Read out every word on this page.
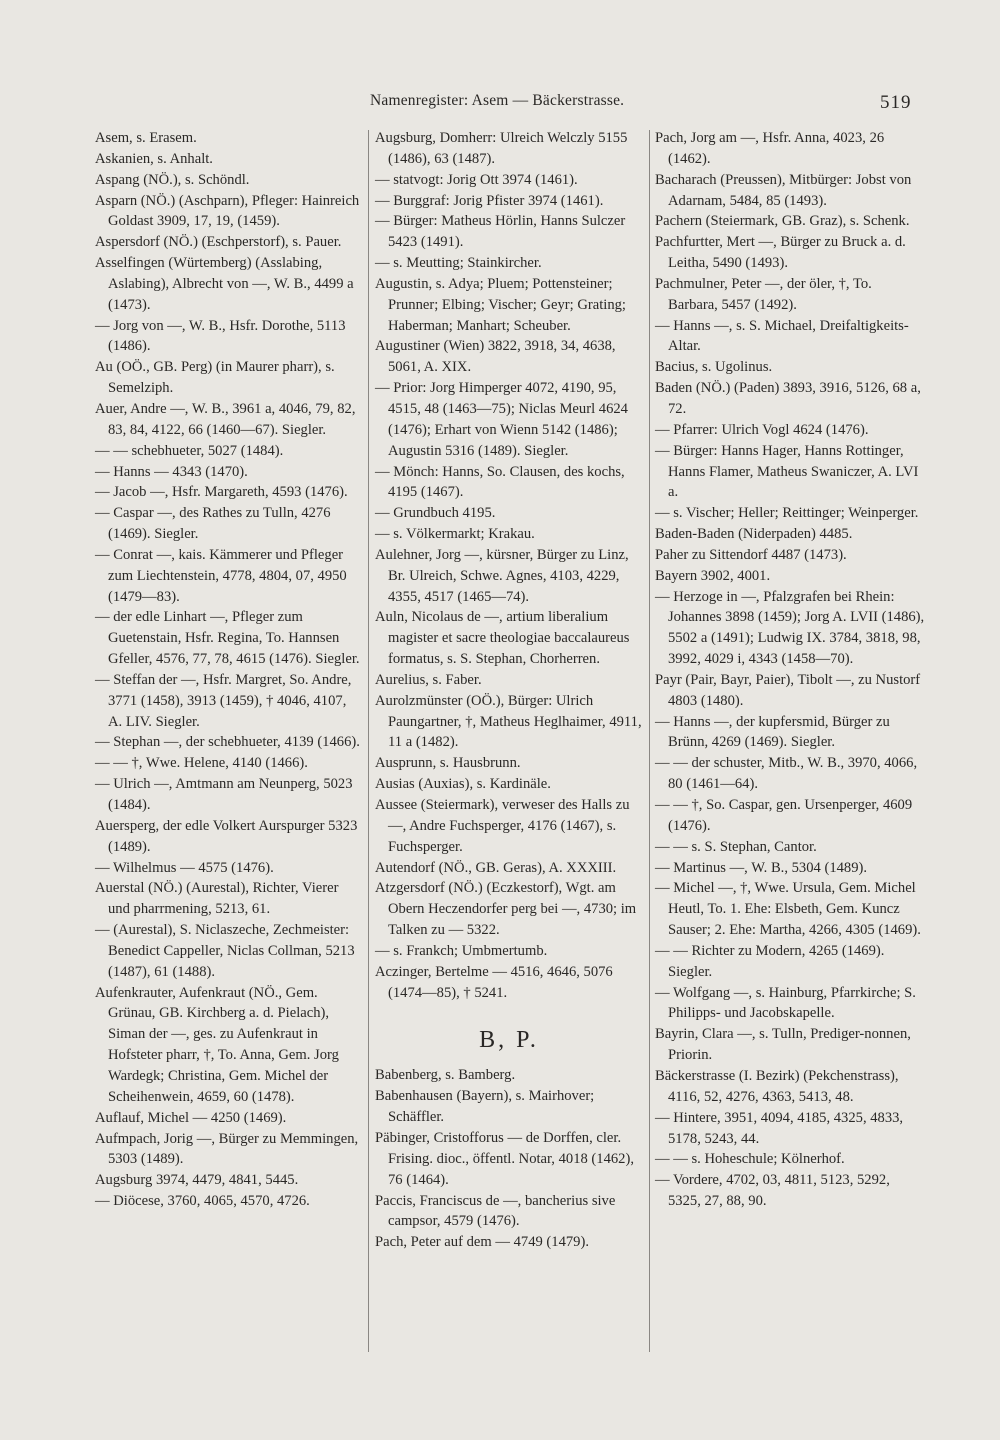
Namenregister: Asem — Bäckerstrasse.	519

Asem, s. Erasem.

Askanien, s. Anhalt.

Aspang (NÖ.), s. Schöndl.

Asparn (NÖ.) (Aschparn), Pfleger: Hainreich Goldast 3909, 17, 19, (1459).

Aspersdorf (NÖ.) (Eschperstorf), s. Pauer.

Asselfingen (Würtemberg) (Asslabing, Aslabing), Albrecht von —, W. B., 4499 a (1473).

— Jorg von —, W. B., Hsfr. Dorothe, 5113 (1486).

Au (OÖ., GB. Perg) (in Maurer pharr), s. Semelziph.

Auer, Andre —, W. B., 3961 a, 4046, 79, 82, 83, 84, 4122, 66 (1460—67). Siegler.

— — schebhueter, 5027 (1484).

— Hanns — 4343 (1470).

— Jacob —, Hsfr. Margareth, 4593 (1476).

— Caspar —, des Rathes zu Tulln, 4276 (1469). Siegler.

— Conrat —, kais. Kämmerer und Pfleger zum Liechtenstein, 4778, 4804, 07, 4950 (1479—83).

— der edle Linhart —, Pfleger zum Guetenstain, Hsfr. Regina, To. Hannsen Gfeller, 4576, 77, 78, 4615 (1476). Siegler.

— Steffan der —, Hsfr. Margret, So. Andre, 3771 (1458), 3913 (1459), † 4046, 4107, A. LIV. Siegler.

— Stephan —, der schebhueter, 4139 (1466).

— — †, Wwe. Helene, 4140 (1466).

— Ulrich —, Amtmann am Neunperg, 5023 (1484).

Auersperg, der edle Volkert Aurspurger 5323 (1489).

— Wilhelmus — 4575 (1476).

Auerstal (NÖ.) (Aurestal), Richter, Vierer und pharrmening, 5213, 61.

— (Aurestal), S. Niclaszeche, Zechmeister: Benedict Cappeller, Niclas Collman, 5213 (1487), 61 (1488).

Aufenkrauter, Aufenkraut (NÖ., Gem. Grünau, GB. Kirchberg a. d. Pielach), Siman der —, ges. zu Aufenkraut in Hofsteter pharr, †, To. Anna, Gem. Jorg Wardegk; Christina, Gem. Michel der Scheihenwein, 4659, 60 (1478).

Auflauf, Michel — 4250 (1469).

Aufmpach, Jorig —, Bürger zu Memmingen, 5303 (1489).

Augsburg 3974, 4479, 4841, 5445.

— Diöcese, 3760, 4065, 4570, 4726.

Augsburg, Domherr: Ulreich Welczly 5155 (1486), 63 (1487).

— statvogt: Jorig Ott 3974 (1461).

— Burggraf: Jorig Pfister 3974 (1461).

— Bürger: Matheus Hörlin, Hanns Sulczer 5423 (1491).

— s. Meutting; Stainkircher.

Augustin, s. Adya; Pluem; Pottensteiner; Prunner; Elbing; Vischer; Geyr; Grating; Haberman; Manhart; Scheuber.

Augustiner (Wien) 3822, 3918, 34, 4638, 5061, A. XIX.

— Prior: Jorg Himperger 4072, 4190, 95, 4515, 48 (1463—75); Niclas Meurl 4624 (1476); Erhart von Wienn 5142 (1486); Augustin 5316 (1489). Siegler.

— Mönch: Hanns, So. Clausen, des kochs, 4195 (1467).

— Grundbuch 4195.

— s. Völkermarkt; Krakau.

Aulehner, Jorg —, kürsner, Bürger zu Linz, Br. Ulreich, Schwe. Agnes, 4103, 4229, 4355, 4517 (1465—74).

Auln, Nicolaus de —, artium liberalium magister et sacre theologiae baccalaureus formatus, s. S. Stephan, Chorherren.

Aurelius, s. Faber.

Aurolzmünster (OÖ.), Bürger: Ulrich Paungartner, †, Matheus Heglhaimer, 4911, 11 a (1482).

Ausprunn, s. Hausbrunn.

Ausias (Auxias), s. Kardinäle.

Aussee (Steiermark), verweser des Halls zu —, Andre Fuchsperger, 4176 (1467), s. Fuchsperger.

Autendorf (NÖ., GB. Geras), A. XXXIII.

Atzgersdorf (NÖ.) (Eczkestorf), Wgt. am Obern Heczendorfer perg bei —, 4730; im Talken zu — 5322.

— s. Frankch; Umbmertumb.

Aczinger, Bertelme — 4516, 4646, 5076 (1474—85), † 5241.

B, P.

Babenberg, s. Bamberg.

Babenhausen (Bayern), s. Mairhover; Schäffler.

Päbinger, Cristofforus — de Dorffen, cler. Frising. dioc., öffentl. Notar, 4018 (1462), 76 (1464).

Paccis, Franciscus de —, bancherius sive campsor, 4579 (1476).

Pach, Peter auf dem — 4749 (1479).

Pach, Jorg am —, Hsfr. Anna, 4023, 26 (1462).

Bacharach (Preussen), Mitbürger: Jobst von Adarnam, 5484, 85 (1493).

Pachern (Steiermark, GB. Graz), s. Schenk.

Pachfurtter, Mert —, Bürger zu Bruck a. d. Leitha, 5490 (1493).

Pachmulner, Peter —, der öler, †, To. Barbara, 5457 (1492).

— Hanns —, s. S. Michael, Dreifaltigkeits-Altar.

Bacius, s. Ugolinus.

Baden (NÖ.) (Paden) 3893, 3916, 5126, 68 a, 72.

— Pfarrer: Ulrich Vogl 4624 (1476).

— Bürger: Hanns Hager, Hanns Rottinger, Hanns Flamer, Matheus Swaniczer, A. LVI a.

— s. Vischer; Heller; Reittinger; Weinperger.

Baden-Baden (Niderpaden) 4485.

Paher zu Sittendorf 4487 (1473).

Bayern 3902, 4001.

— Herzoge in —, Pfalzgrafen bei Rhein: Johannes 3898 (1459); Jorg A. LVII (1486), 5502 a (1491); Ludwig IX. 3784, 3818, 98, 3992, 4029 i, 4343 (1458—70).

Payr (Pair, Bayr, Paier), Tibolt —, zu Nustorf 4803 (1480).

— Hanns —, der kupfersmid, Bürger zu Brünn, 4269 (1469). Siegler.

— — der schuster, Mitb., W. B., 3970, 4066, 80 (1461—64).

— — †, So. Caspar, gen. Ursenperger, 4609 (1476).

— — s. S. Stephan, Cantor.

— Martinus —, W. B., 5304 (1489).

— Michel —, †, Wwe. Ursula, Gem. Michel Heutl, To. 1. Ehe: Elsbeth, Gem. Kuncz Sauser; 2. Ehe: Martha, 4266, 4305 (1469).

— — Richter zu Modern, 4265 (1469). Siegler.

— Wolfgang —, s. Hainburg, Pfarrkirche; S. Philipps- und Jacobskapelle.

Bayrin, Clara —, s. Tulln, Prediger-nonnen, Priorin.

Bäckerstrasse (I. Bezirk) (Pekchenstrass), 4116, 52, 4276, 4363, 5413, 48.

— Hintere, 3951, 4094, 4185, 4325, 4833, 5178, 5243, 44.

— — s. Hoheschule; Kölnerhof.

— Vordere, 4702, 03, 4811, 5123, 5292, 5325, 27, 88, 90.
